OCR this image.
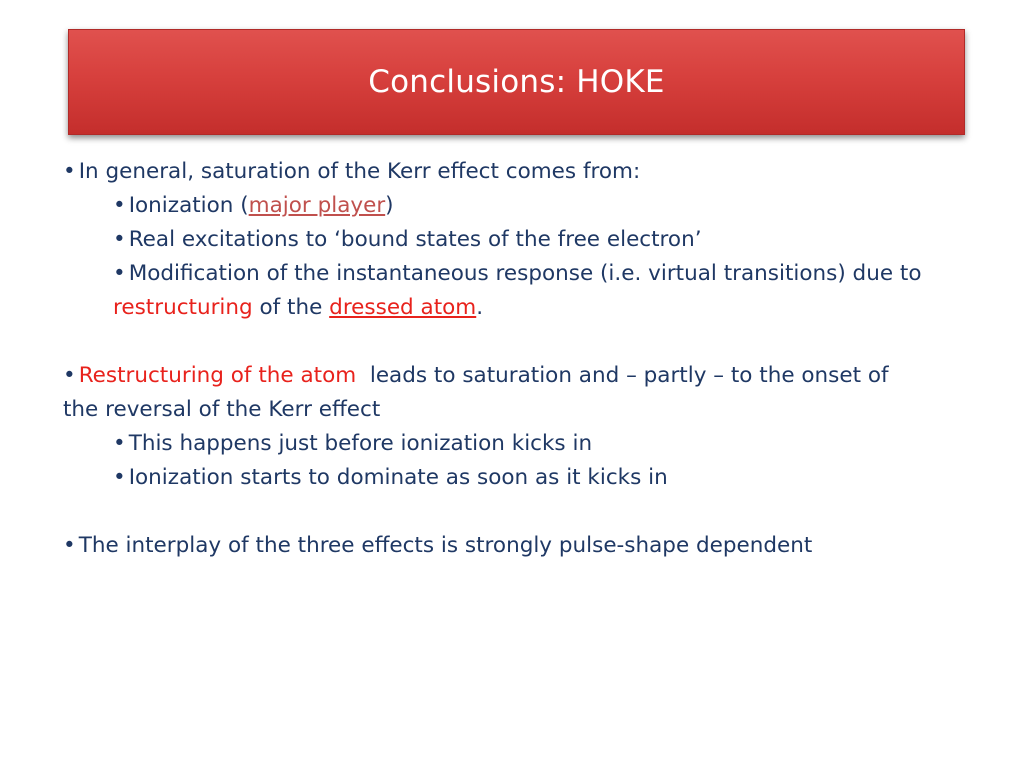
Conclusions: HOKE
• In general, saturation of the Kerr effect comes from:
• Ionization (major player)
• Real excitations to ‘bound states of the free electron’
• Modification of the instantaneous response (i.e. virtual transitions) due to
restructuring of the dressed atom.
• Restructuring of the atom  leads to saturation and – partly – to the onset of
the reversal of the Kerr effect
• This happens just before ionization kicks in
• Ionization starts to dominate as soon as it kicks in
• The interplay of the three effects is strongly pulse-shape dependent
